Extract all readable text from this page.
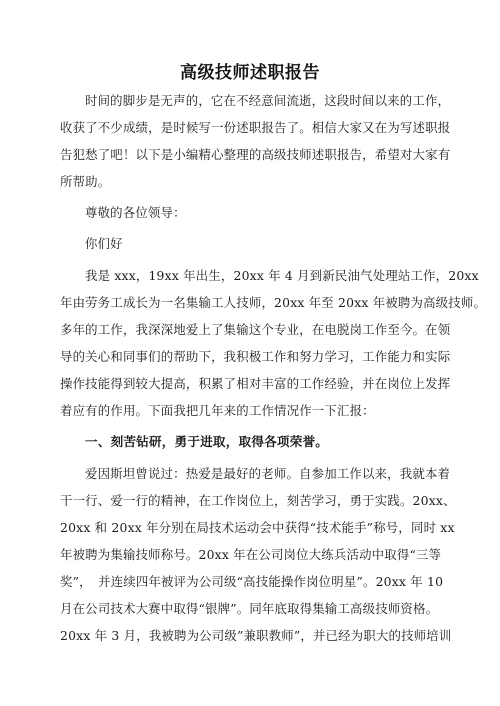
高级技师述职报告
时间的脚步是无声的，它在不经意间流逝，这段时间以来的工作，
收获了不少成绩，是时候写一份述职报告了。相信大家又在为写述职报
告犯愁了吧！以下是小编精心整理的高级技师述职报告，希望对大家有
所帮助。
尊敬的各位领导：
你们好
我是 xxx，19xx 年出生，20xx 年 4 月到新民油气处理站工作，20xx
年由劳务工成长为一名集输工人技师，20xx 年至 20xx 年被聘为高级技师。
多年的工作，我深深地爱上了集输这个专业，在电脱岗工作至今。在领
导的关心和同事们的帮助下，我积极工作和努力学习，工作能力和实际
操作技能得到较大提高，积累了相对丰富的工作经验，并在岗位上发挥
着应有的作用。下面我把几年来的工作情况作一下汇报：
一、刻苦钻研，勇于进取，取得各项荣誉。
爱因斯坦曾说过：热爱是最好的老师。自参加工作以来，我就本着
干一行、爱一行的精神，在工作岗位上，刻苦学习，勇于实践。20xx、
20xx 和 20xx 年分别在局技术运动会中获得“技术能手”称号，同时 xx
年被聘为集输技师称号。20xx 年在公司岗位大练兵活动中取得“三等
奖”，　并连续四年被评为公司级“高技能操作岗位明星”。20xx 年 10
月在公司技术大赛中取得“银牌”。同年底取得集输工高级技师资格。
20xx 年 3 月，我被聘为公司级”兼职教师”，并已经为职大的技师培训
